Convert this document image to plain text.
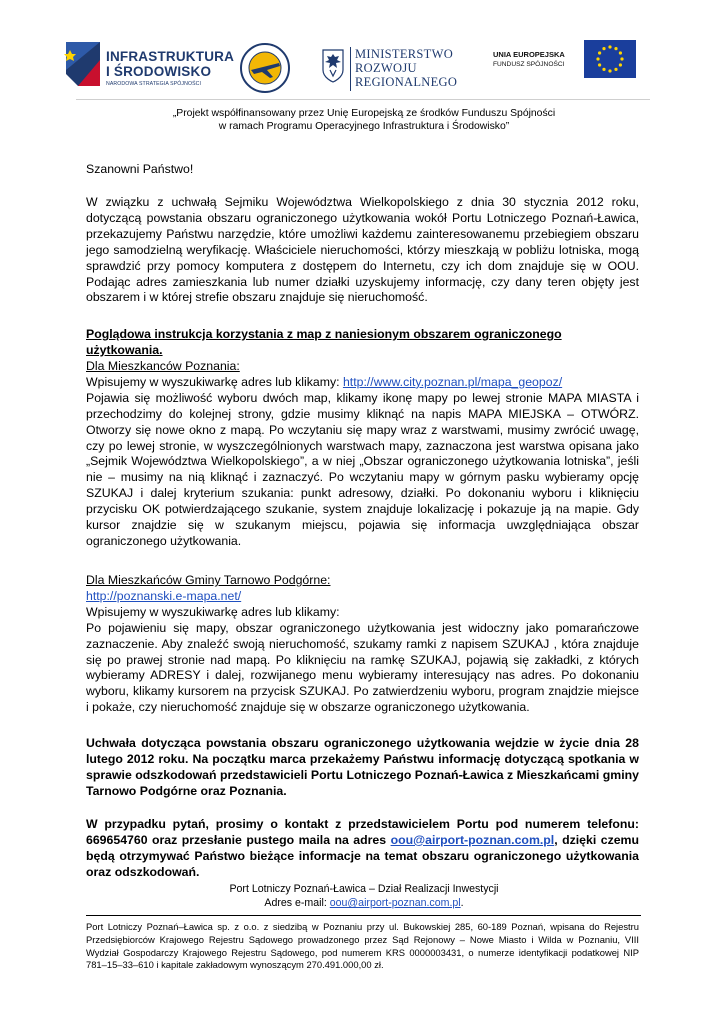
INFRASTRUKTURA
I ŚRODOWISKO
NARODOWA STRATEGIA SPÓJNOŚCI
MINISTERSTWO
ROZWOJU
REGIONALNEGO
UNIA EUROPEJSKA
FUNDUSZ SPÓJNOŚCI
„Projekt współfinansowany przez Unię Europejską ze środków Funduszu Spójności
w ramach Programu Operacyjnego Infrastruktura i Środowisko”
Szanowni Państwo!
W związku z uchwałą Sejmiku Województwa Wielkopolskiego z dnia 30 stycznia 2012 roku, dotyczącą powstania obszaru ograniczonego użytkowania wokół Portu Lotniczego Poznań-Ławica, przekazujemy Państwu narzędzie, które umożliwi każdemu zainteresowanemu przebiegiem obszaru jego samodzielną weryfikację. Właściciele nieruchomości, którzy mieszkają w pobliżu lotniska, mogą sprawdzić przy pomocy komputera z dostępem do Internetu, czy ich dom znajduje się w OOU. Podając adres zamieszkania lub numer działki uzyskujemy informację, czy dany teren objęty jest obszarem i w której strefie obszaru znajduje się nieruchomość.
Poglądowa instrukcja korzystania z map z naniesionym obszarem ograniczonego użytkowania.

Dla Mieszkanców Poznania:

Wpisujemy w wyszukiwarkę adres lub klikamy: http://www.city.poznan.pl/mapa_geopoz/

Pojawia się możliwość wyboru dwóch map, klikamy ikonę mapy po lewej stronie MAPA MIASTA i przechodzimy do kolejnej strony, gdzie musimy kliknąć na napis MAPA MIEJSKA – OTWÓRZ. Otworzy się nowe okno z mapą. Po wczytaniu się mapy wraz z warstwami, musimy zwrócić uwagę, czy po lewej stronie, w wyszczególnionych warstwach mapy, zaznaczona jest warstwa opisana jako „Sejmik Województwa Wielkopolskiego”, a w niej „Obszar ograniczonego użytkowania lotniska”, jeśli nie – musimy na nią kliknąć i zaznaczyć. Po wczytaniu mapy w górnym pasku wybieramy opcję SZUKAJ i dalej kryterium szukania: punkt adresowy, działki. Po dokonaniu wyboru i kliknięciu przycisku OK potwierdzającego szukanie, system znajduje lokalizację i pokazuje ją na mapie. Gdy kursor znajdzie się w szukanym miejscu, pojawia się informacja uwzględniająca obszar ograniczonego użytkowania.

Dla Mieszkańców Gminy Tarnowo Podgórne:

http://poznanski.e-mapa.net/

Wpisujemy w wyszukiwarkę adres lub klikamy:

Po pojawieniu się mapy, obszar ograniczonego użytkowania jest widoczny jako pomarańczowe zaznaczenie. Aby znaleźć swoją nieruchomość, szukamy ramki z napisem SZUKAJ , która znajduje się po prawej stronie nad mapą. Po kliknięciu na ramkę SZUKAJ, pojawią się zakładki, z których wybieramy ADRESY i dalej, rozwijanego menu wybieramy interesujący nas adres. Po dokonaniu wyboru, klikamy kursorem na przycisk SZUKAJ. Po zatwierdzeniu wyboru, program znajdzie miejsce i pokaże, czy nieruchomość znajduje się w obszarze ograniczonego użytkowania.

Uchwała dotycząca powstania obszaru ograniczonego użytkowania wejdzie w życie dnia 28 lutego 2012 roku. Na początku marca przekażemy Państwu informację dotyczącą spotkania w sprawie odszkodowań przedstawicieli Portu Lotniczego Poznań-Ławica z Mieszkańcami gminy Tarnowo Podgórne oraz Poznania.
W przypadku pytań, prosimy o kontakt z przedstawicielem Portu pod numerem telefonu: 669654760 oraz przesłanie pustego maila na adres oou@airport-poznan.com.pl, dzięki czemu będą otrzymywać Państwo bieżące informacje na temat obszaru ograniczonego użytkowania oraz odszkodowań.
Port Lotniczy Poznań-Ławica – Dział Realizacji Inwestycji
Adres e-mail: oou@airport-poznan.com.pl.
Port Lotniczy Poznań–Ławica sp. z o.o. z siedzibą w Poznaniu przy ul. Bukowskiej 285, 60-189 Poznań, wpisana do Rejestru Przedsiębiorców Krajowego Rejestru Sądowego prowadzonego przez Sąd Rejonowy – Nowe Miasto i Wilda w Poznaniu, VIII Wydział Gospodarczy Krajowego Rejestru Sądowego, pod numerem KRS 0000003431, o numerze identyfikacji podatkowej NIP 781–15–33–610 i kapitale zakładowym wynoszącym 270.491.000,00 zł.
